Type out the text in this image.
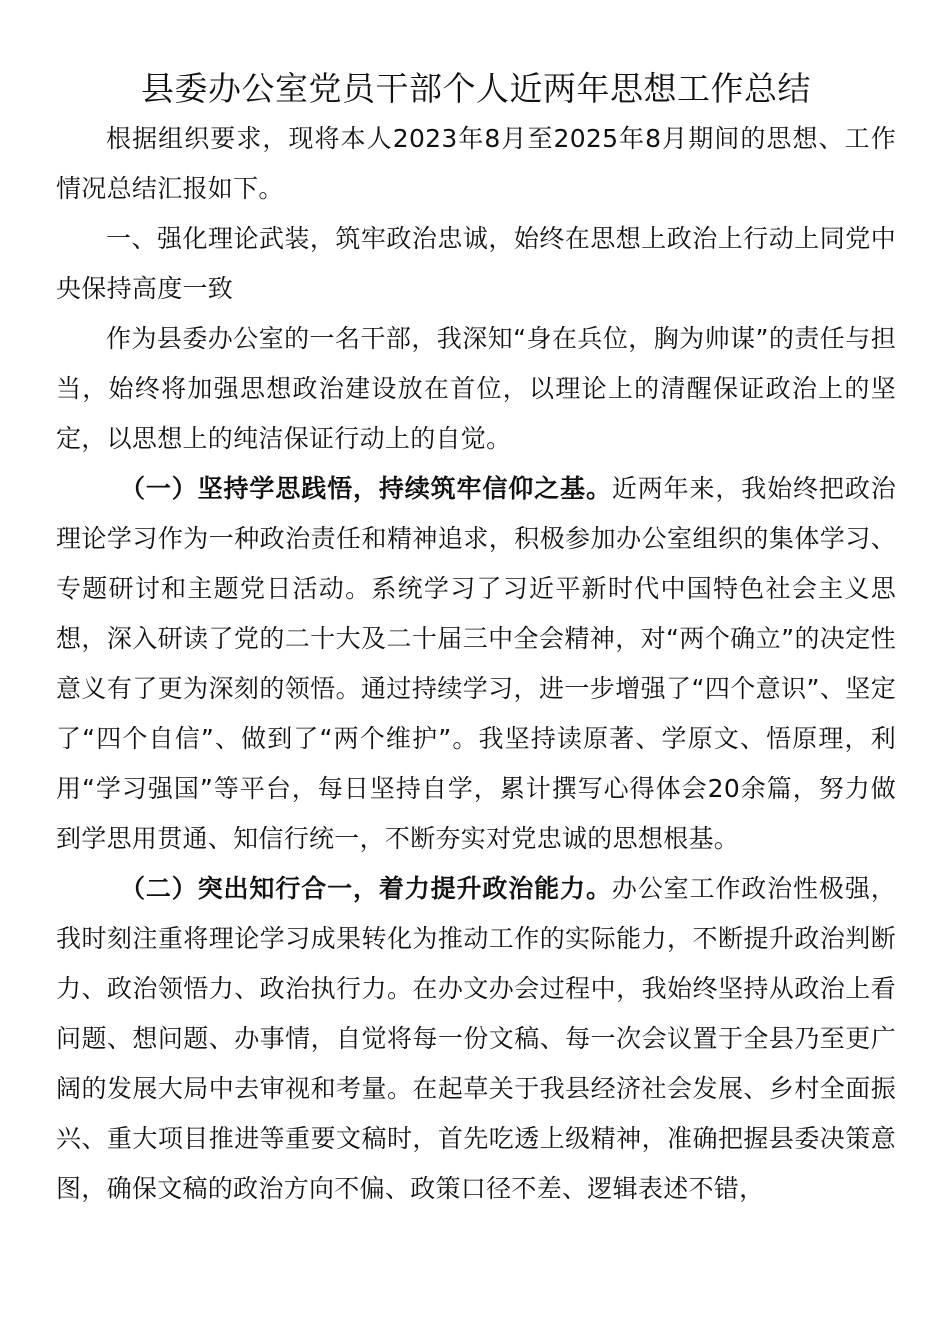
县委办公室党员干部个人近两年思想工作总结

根据组织要求，现将本人2023年8月至2025年8月期间的思想、工作情况总结汇报如下。

一、强化理论武装，筑牢政治忠诚，始终在思想上政治上行动上同党中央保持高度一致

作为县委办公室的一名干部，我深知“身在兵位，胸为帅谋”的责任与担当，始终将加强思想政治建设放在首位，以理论上的清醒保证政治上的坚定，以思想上的纯洁保证行动上的自觉。

（一）坚持学思践悟，持续筑牢信仰之基。近两年来，我始终把政治理论学习作为一种政治责任和精神追求，积极参加办公室组织的集体学习、专题研讨和主题党日活动。系统学习了习近平新时代中国特色社会主义思想，深入研读了党的二十大及二十届三中全会精神，对“两个确立”的决定性意义有了更为深刻的领悟。通过持续学习，进一步增强了“四个意识”、坚定了“四个自信”、做到了“两个维护”。我坚持读原著、学原文、悟原理，利用“学习强国”等平台，每日坚持自学，累计撰写心得体会20余篇，努力做到学思用贯通、知信行统一，不断夯实对党忠诚的思想根基。

（二）突出知行合一，着力提升政治能力。办公室工作政治性极强，我时刻注重将理论学习成果转化为推动工作的实际能力，不断提升政治判断力、政治领悟力、政治执行力。在办文办会过程中，我始终坚持从政治上看问题、想问题、办事情，自觉将每一份文稿、每一次会议置于全县乃至更广阔的发展大局中去审视和考量。在起草关于我县经济社会发展、乡村全面振兴、重大项目推进等重要文稿时，首先吃透上级精神，准确把握县委决策意图，确保文稿的政治方向不偏、政策口径不差、逻辑表述不错，
